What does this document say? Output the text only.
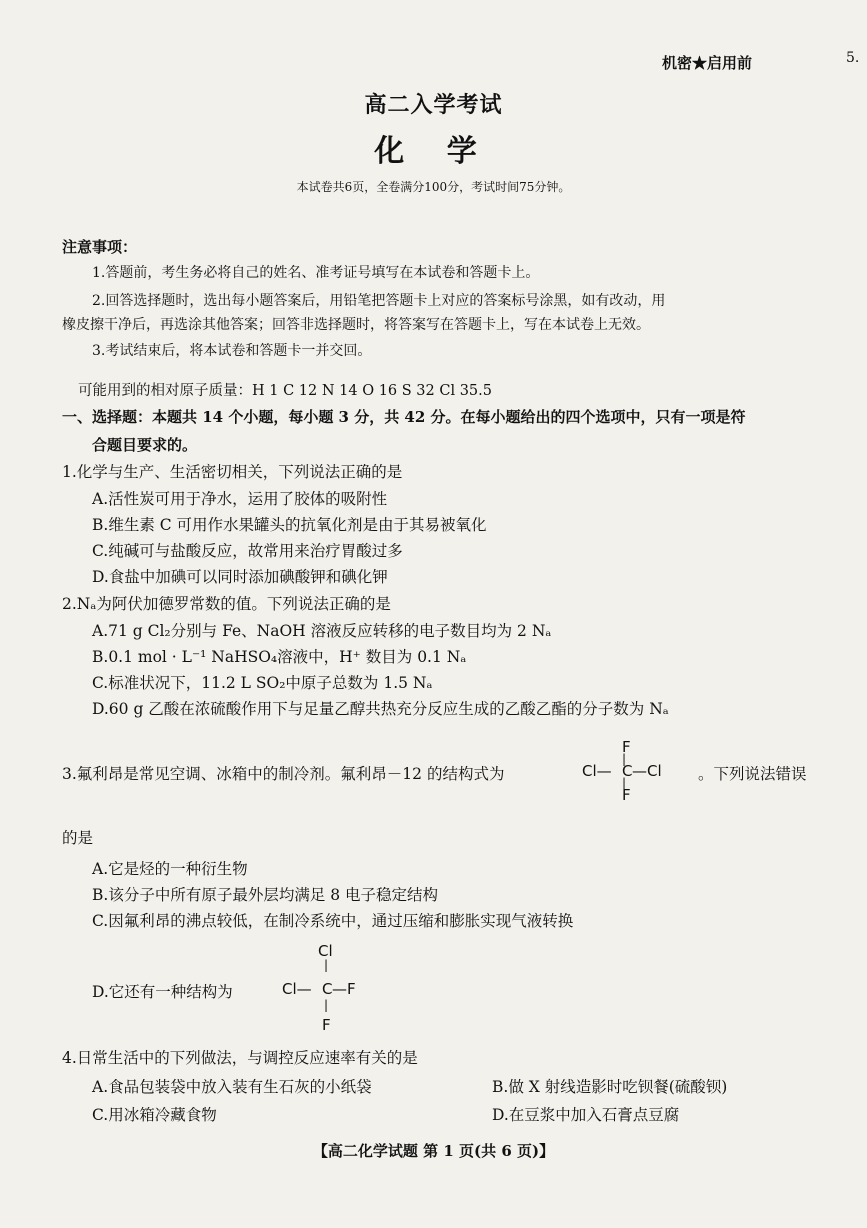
机密★启用前	5.
高二入学考试
化 学
本试卷共6页，全卷满分100分，考试时间75分钟。
注意事项：
1.答题前，考生务必将自己的姓名、准考证号填写在本试卷和答题卡上。
2.回答选择题时，选出每小题答案后，用铅笔把答题卡上对应的答案标号涂黑，如有改动，用
橡皮擦干净后，再选涂其他答案；回答非选择题时，将答案写在答题卡上，写在本试卷上无效。
3.考试结束后，将本试卷和答题卡一并交回。
可能用到的相对原子质量：H 1 C 12 N 14 O 16 S 32 Cl 35.5
一、选择题：本题共 14 个小题，每小题 3 分，共 42 分。在每小题给出的四个选项中，只有一项是符
合题目要求的。
1.化学与生产、生活密切相关，下列说法正确的是
A.活性炭可用于净水，运用了胶体的吸附性
B.维生素 C 可用作水果罐头的抗氧化剂是由于其易被氧化
C.纯碱可与盐酸反应，故常用来治疗胃酸过多
D.食盐中加碘可以同时添加碘酸钾和碘化钾
2.Nₐ为阿伏加德罗常数的值。下列说法正确的是
A.71 g Cl₂分别与 Fe、NaOH 溶液反应转移的电子数目均为 2 Nₐ
B.0.1 mol · L⁻¹ NaHSO₄溶液中，H⁺ 数目为 0.1 Nₐ
C.标准状况下，11.2 L SO₂中原子总数为 1.5 Nₐ
D.60 g 乙酸在浓硫酸作用下与足量乙醇共热充分反应生成的乙酸乙酯的分子数为 Nₐ
3.氟利昂是常见空调、冰箱中的制冷剂。氟利昂－12 的结构式为
F
|
Cl— C —Cl
|
F
。下列说法错误
的是
A.它是烃的一种衍生物
B.该分子中所有原子最外层均满足 8 电子稳定结构
C.因氟利昂的沸点较低，在制冷系统中，通过压缩和膨胀实现气液转换
D.它还有一种结构为
Cl
|
Cl— C —F
|
F
4.日常生活中的下列做法，与调控反应速率有关的是
A.食品包装袋中放入装有生石灰的小纸袋	B.做 X 射线造影时吃钡餐(硫酸钡)
C.用冰箱冷藏食物	D.在豆浆中加入石膏点豆腐
【高二化学试题 第 1 页(共 6 页)】
